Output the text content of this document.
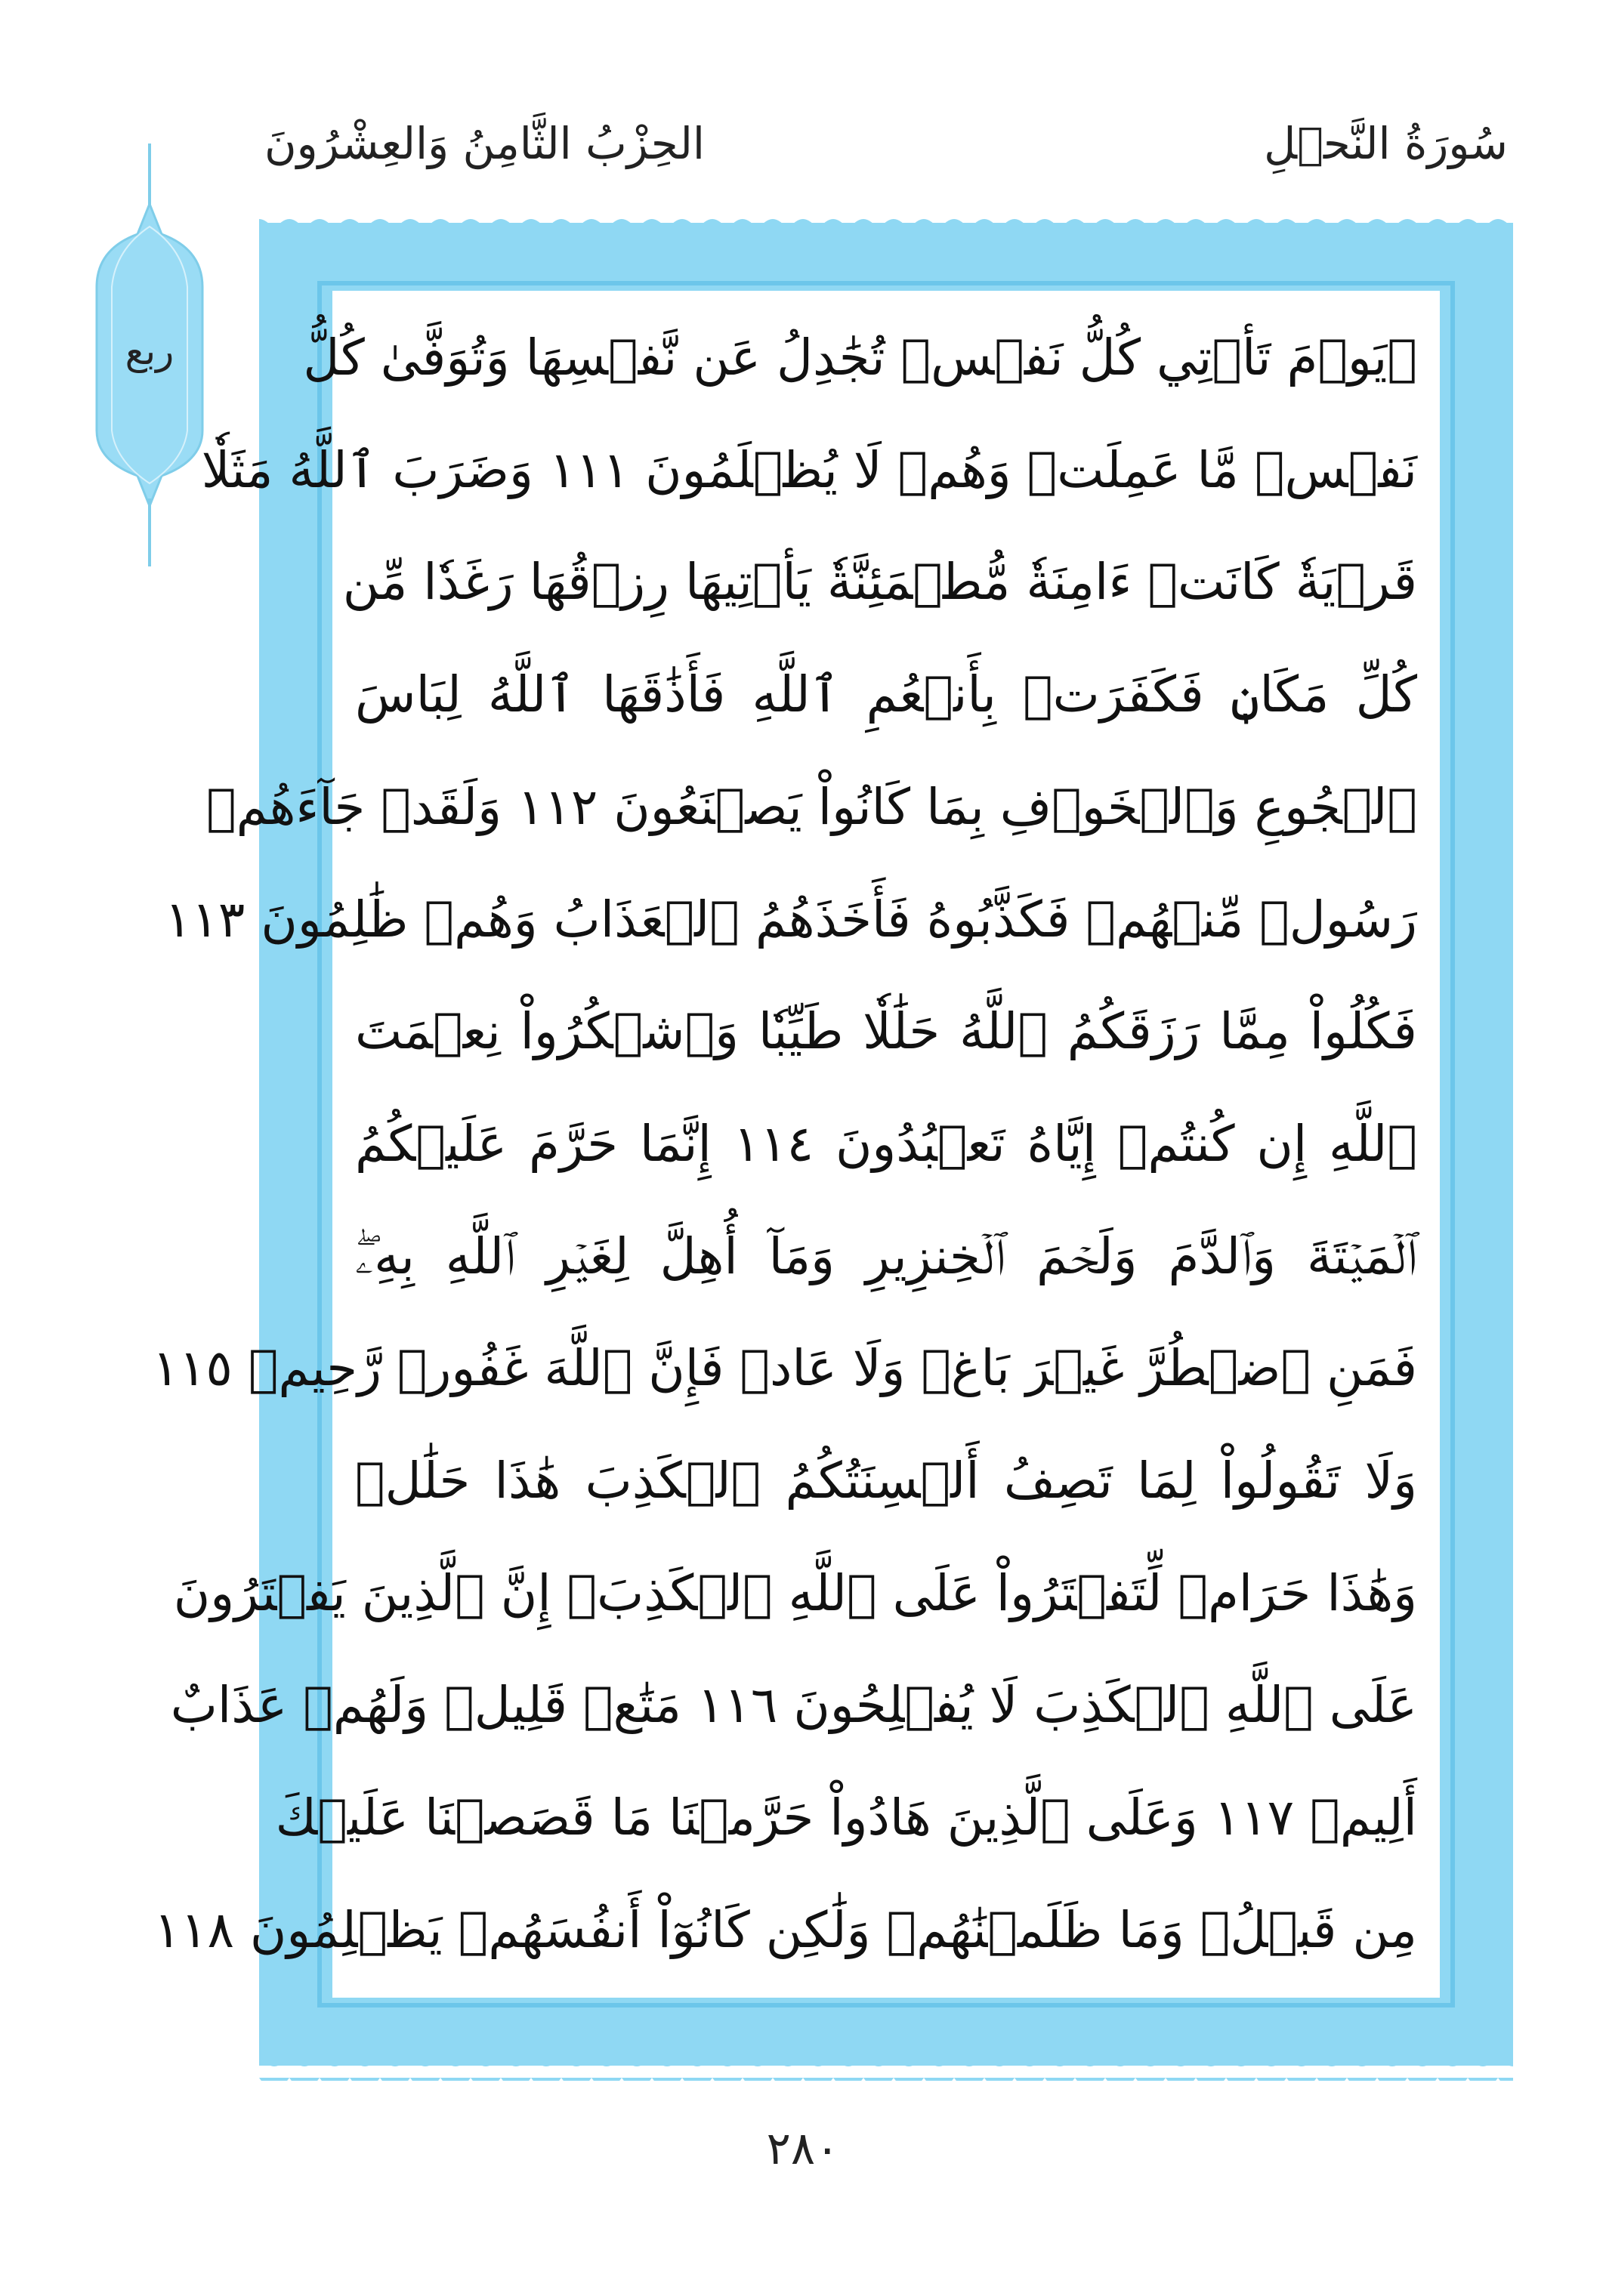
سُورَةُ النَّحۡلِ
الحِزْبُ الثَّامِنُ وَالعِشْرُونَ
ربع	۞يَوۡمَ تَأۡتِي كُلُّ نَفۡسٖ تُجَٰدِلُ عَن نَّفۡسِهَا وَتُوَفَّىٰ كُلُّ
نَفۡسٖ مَّا عَمِلَتۡ وَهُمۡ لَا يُظۡلَمُونَ ١١١ وَضَرَبَ ٱللَّهُ مَثَلٗا
قَرۡيَةٗ كَانَتۡ ءَامِنَةٗ مُّطۡمَئِنَّةٗ يَأۡتِيهَا رِزۡقُهَا رَغَدٗا مِّن
كُلِّ مَكَانٖ فَكَفَرَتۡ بِأَنۡعُمِ ٱللَّهِ فَأَذَٰقَهَا ٱللَّهُ لِبَاسَ
ٱلۡجُوعِ وَٱلۡخَوۡفِ بِمَا كَانُواْ يَصۡنَعُونَ ١١٢ وَلَقَدۡ جَآءَهُمۡ
رَسُولٞ مِّنۡهُمۡ فَكَذَّبُوهُ فَأَخَذَهُمُ ٱلۡعَذَابُ وَهُمۡ ظَٰلِمُونَ ١١٣
فَكُلُواْ مِمَّا رَزَقَكُمُ ٱللَّهُ حَلَٰلٗا طَيِّبٗا وَٱشۡكُرُواْ نِعۡمَتَ
ٱللَّهِ إِن كُنتُمۡ إِيَّاهُ تَعۡبُدُونَ ١١٤ إِنَّمَا حَرَّمَ عَلَيۡكُمُ
ٱلۡمَيۡتَةَ وَٱلدَّمَ وَلَحۡمَ ٱلۡخِنزِيرِ وَمَآ أُهِلَّ لِغَيۡرِ ٱللَّهِ بِهِۦۖ
فَمَنِ ٱضۡطُرَّ غَيۡرَ بَاغٖ وَلَا عَادٖ فَإِنَّ ٱللَّهَ غَفُورٞ رَّحِيمٞ ١١٥
وَلَا تَقُولُواْ لِمَا تَصِفُ أَلۡسِنَتُكُمُ ٱلۡكَذِبَ هَٰذَا حَلَٰلٞ
وَهَٰذَا حَرَامٞ لِّتَفۡتَرُواْ عَلَى ٱللَّهِ ٱلۡكَذِبَۚ إِنَّ ٱلَّذِينَ يَفۡتَرُونَ
عَلَى ٱللَّهِ ٱلۡكَذِبَ لَا يُفۡلِحُونَ ١١٦ مَتَٰعٞ قَلِيلٞ وَلَهُمۡ عَذَابٌ
أَلِيمٞ ١١٧ وَعَلَى ٱلَّذِينَ هَادُواْ حَرَّمۡنَا مَا قَصَصۡنَا عَلَيۡكَ
مِن قَبۡلُۖ وَمَا ظَلَمۡنَٰهُمۡ وَلَٰكِن كَانُوٓاْ أَنفُسَهُمۡ يَظۡلِمُونَ ١١٨
٢٨٠
